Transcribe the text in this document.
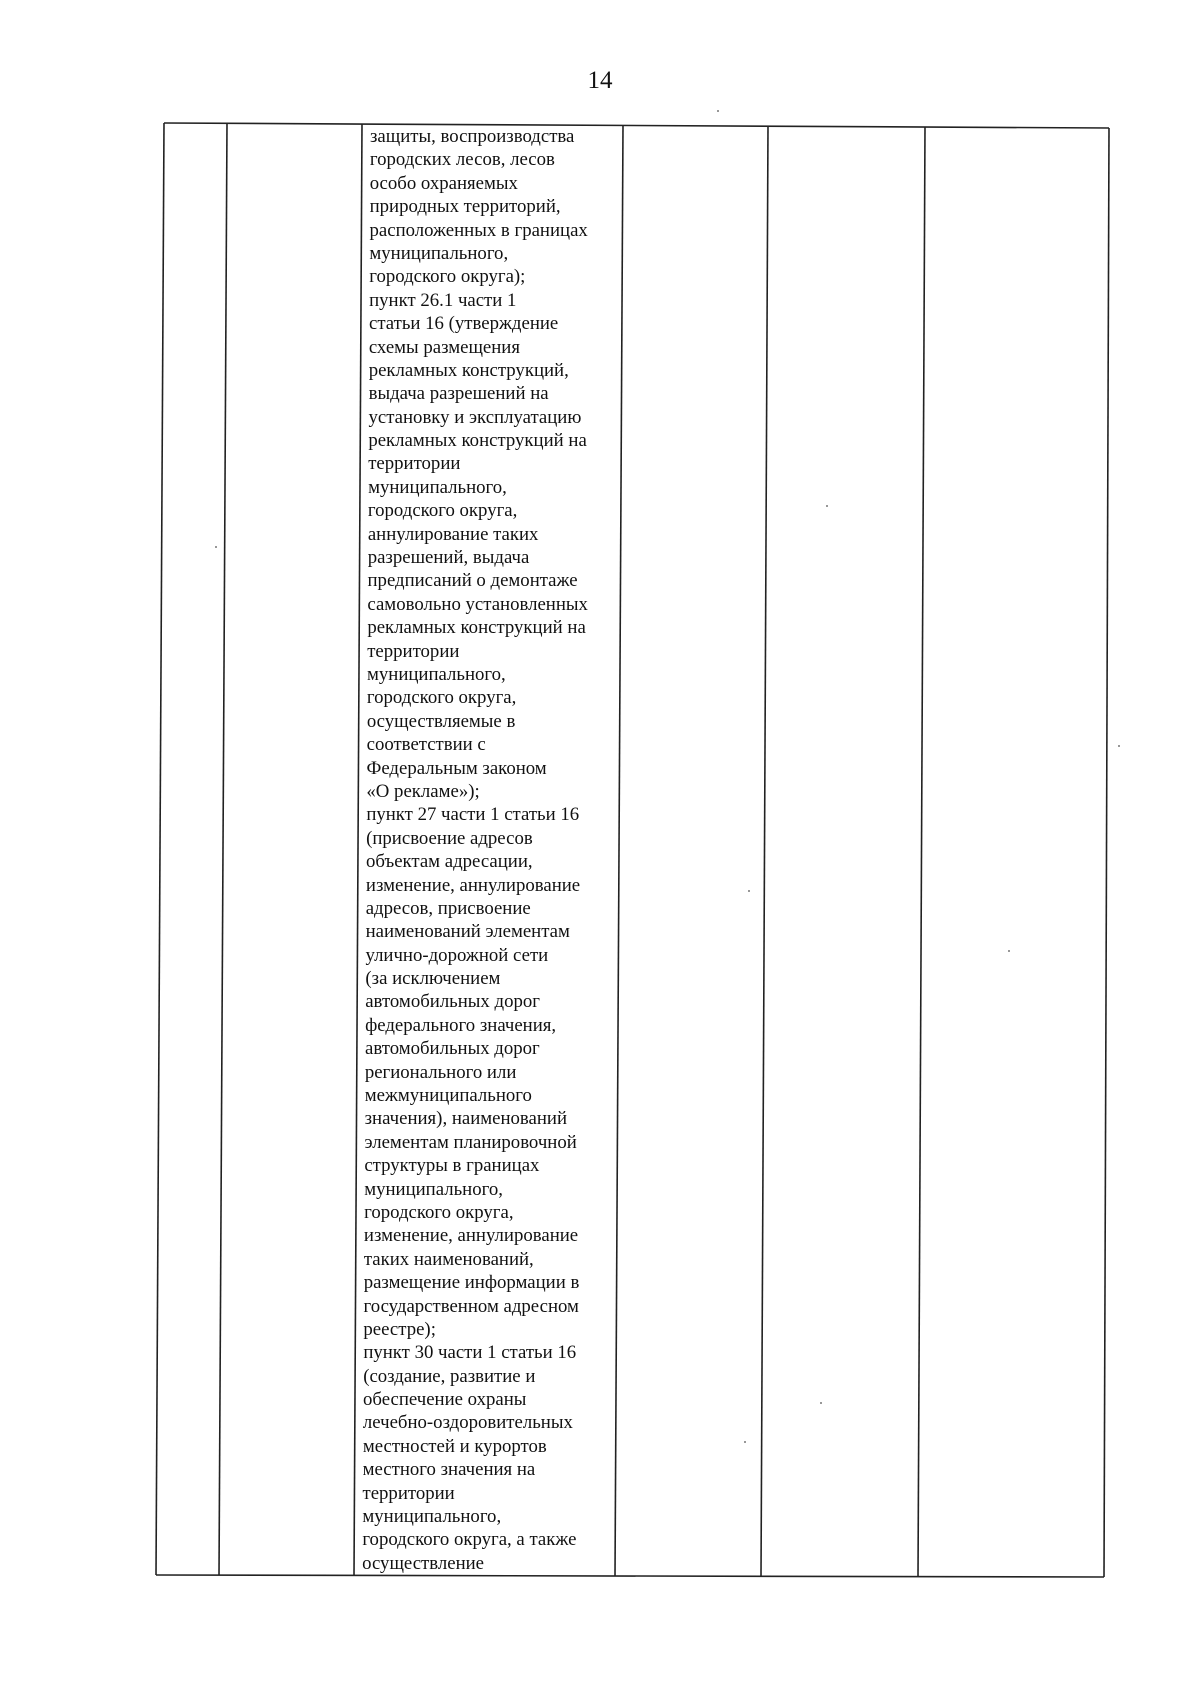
14
защиты, воспроизводства
городских лесов, лесов
особо охраняемых
природных территорий,
расположенных в границах
муниципального,
городского округа);
пункт 26.1 части 1
статьи 16 (утверждение
схемы размещения
рекламных конструкций,
выдача разрешений на
установку и эксплуатацию
рекламных конструкций на
территории
муниципального,
городского округа,
аннулирование таких
разрешений, выдача
предписаний о демонтаже
самовольно установленных
рекламных конструкций на
территории
муниципального,
городского округа,
осуществляемые в
соответствии с
Федеральным законом
«О рекламе»);
пункт 27 части 1 статьи 16
(присвоение адресов
объектам адресации,
изменение, аннулирование
адресов, присвоение
наименований элементам
улично-дорожной сети
(за исключением
автомобильных дорог
федерального значения,
автомобильных дорог
регионального или
межмуниципального
значения), наименований
элементам планировочной
структуры в границах
муниципального,
городского округа,
изменение, аннулирование
таких наименований,
размещение информации в
государственном адресном
реестре);
пункт 30 части 1 статьи 16
(создание, развитие и
обеспечение охраны
лечебно-оздоровительных
местностей и курортов
местного значения на
территории
муниципального,
городского округа, а также
осуществление
